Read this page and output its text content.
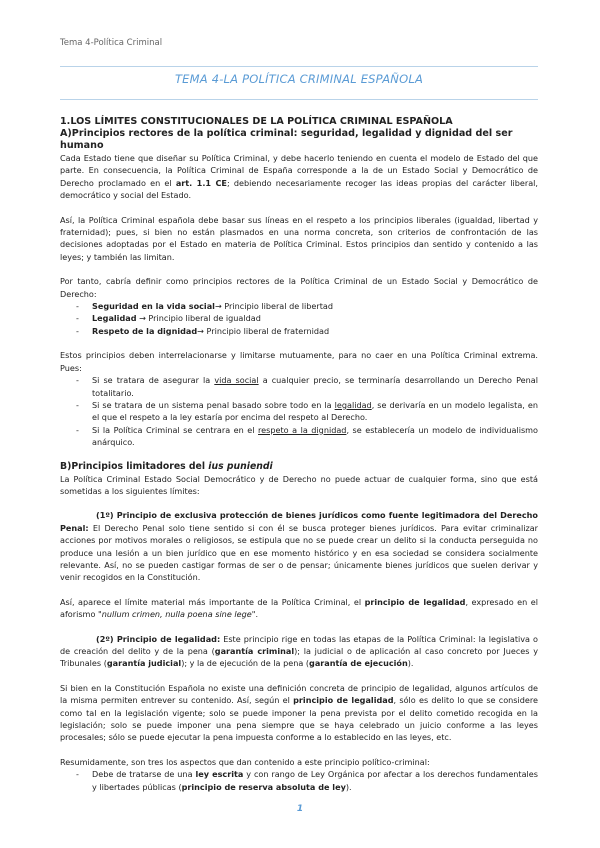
Tema 4-Política Criminal
TEMA 4-LA POLÍTICA CRIMINAL ESPAÑOLA
1.LOS LÍMITES CONSTITUCIONALES DE LA POLÍTICA CRIMINAL ESPAÑOLA
A)Principios rectores de la política criminal: seguridad, legalidad y dignidad del ser humano

Cada Estado tiene que diseñar su Política Criminal, y debe hacerlo teniendo en cuenta el modelo de Estado del que parte. En consecuencia, la Política Criminal de España corresponde a la de un Estado Social y Democrático de Derecho proclamado en el art. 1.1 CE; debiendo necesariamente recoger las ideas propias del carácter liberal, democrático y social del Estado.

Así, la Política Criminal española debe basar sus líneas en el respeto a los principios liberales (igualdad, libertad y fraternidad); pues, si bien no están plasmados en una norma concreta, son criterios de confrontación de las decisiones adoptadas por el Estado en materia de Política Criminal. Estos principios dan sentido y contenido a las leyes; y también las limitan.

Por tanto, cabría definir como principios rectores de la Política Criminal de un Estado Social y Democrático de Derecho:

- Seguridad en la vida social→ Principio liberal de libertad
- Legalidad → Principio liberal de igualdad
- Respeto de la dignidad→ Principio liberal de fraternidad

Estos principios deben interrelacionarse y limitarse mutuamente, para no caer en una Política Criminal extrema. Pues:

- Si se tratara de asegurar la vida social a cualquier precio, se terminaría desarrollando un Derecho Penal totalitario.
- Si se tratara de un sistema penal basado sobre todo en la legalidad, se derivaría en un modelo legalista, en el que el respeto a la ley estaría por encima del respeto al Derecho.
- Si la Política Criminal se centrara en el respeto a la dignidad, se establecería un modelo de individualismo anárquico.
B)Principios limitadores del ius puniendi

La Política Criminal Estado Social Democrático y de Derecho no puede actuar de cualquier forma, sino que está sometidas a los siguientes límites:

(1º) Principio de exclusiva protección de bienes jurídicos como fuente legitimadora del Derecho Penal: El Derecho Penal solo tiene sentido si con él se busca proteger bienes jurídicos. Para evitar criminalizar acciones por motivos morales o religiosos, se estipula que no se puede crear un delito si la conducta perseguida no produce una lesión a un bien jurídico que en ese momento histórico y en esa sociedad se considera socialmente relevante. Así, no se pueden castigar formas de ser o de pensar; únicamente bienes jurídicos que suelen derivar y venir recogidos en la Constitución.

Así, aparece el límite material más importante de la Política Criminal, el principio de legalidad, expresado en el aforismo "nullum crimen, nulla poena sine lege".

(2º) Principio de legalidad: Este principio rige en todas las etapas de la Política Criminal: la legislativa o de creación del delito y de la pena (garantía criminal); la judicial o de aplicación al caso concreto por Jueces y Tribunales (garantía judicial); y la de ejecución de la pena (garantía de ejecución).

Si bien en la Constitución Española no existe una definición concreta de principio de legalidad, algunos artículos de la misma permiten entrever su contenido. Así, según el principio de legalidad, sólo es delito lo que se considere como tal en la legislación vigente; solo se puede imponer la pena prevista por el delito cometido recogida en la legislación; solo se puede imponer una pena siempre que se haya celebrado un juicio conforme a las leyes procesales; sólo se puede ejecutar la pena impuesta conforme a lo establecido en las leyes, etc.

Resumidamente, son tres los aspectos que dan contenido a este principio político-criminal:

- Debe de tratarse de una ley escrita y con rango de Ley Orgánica por afectar a los derechos fundamentales y libertades públicas (principio de reserva absoluta de ley).
1
